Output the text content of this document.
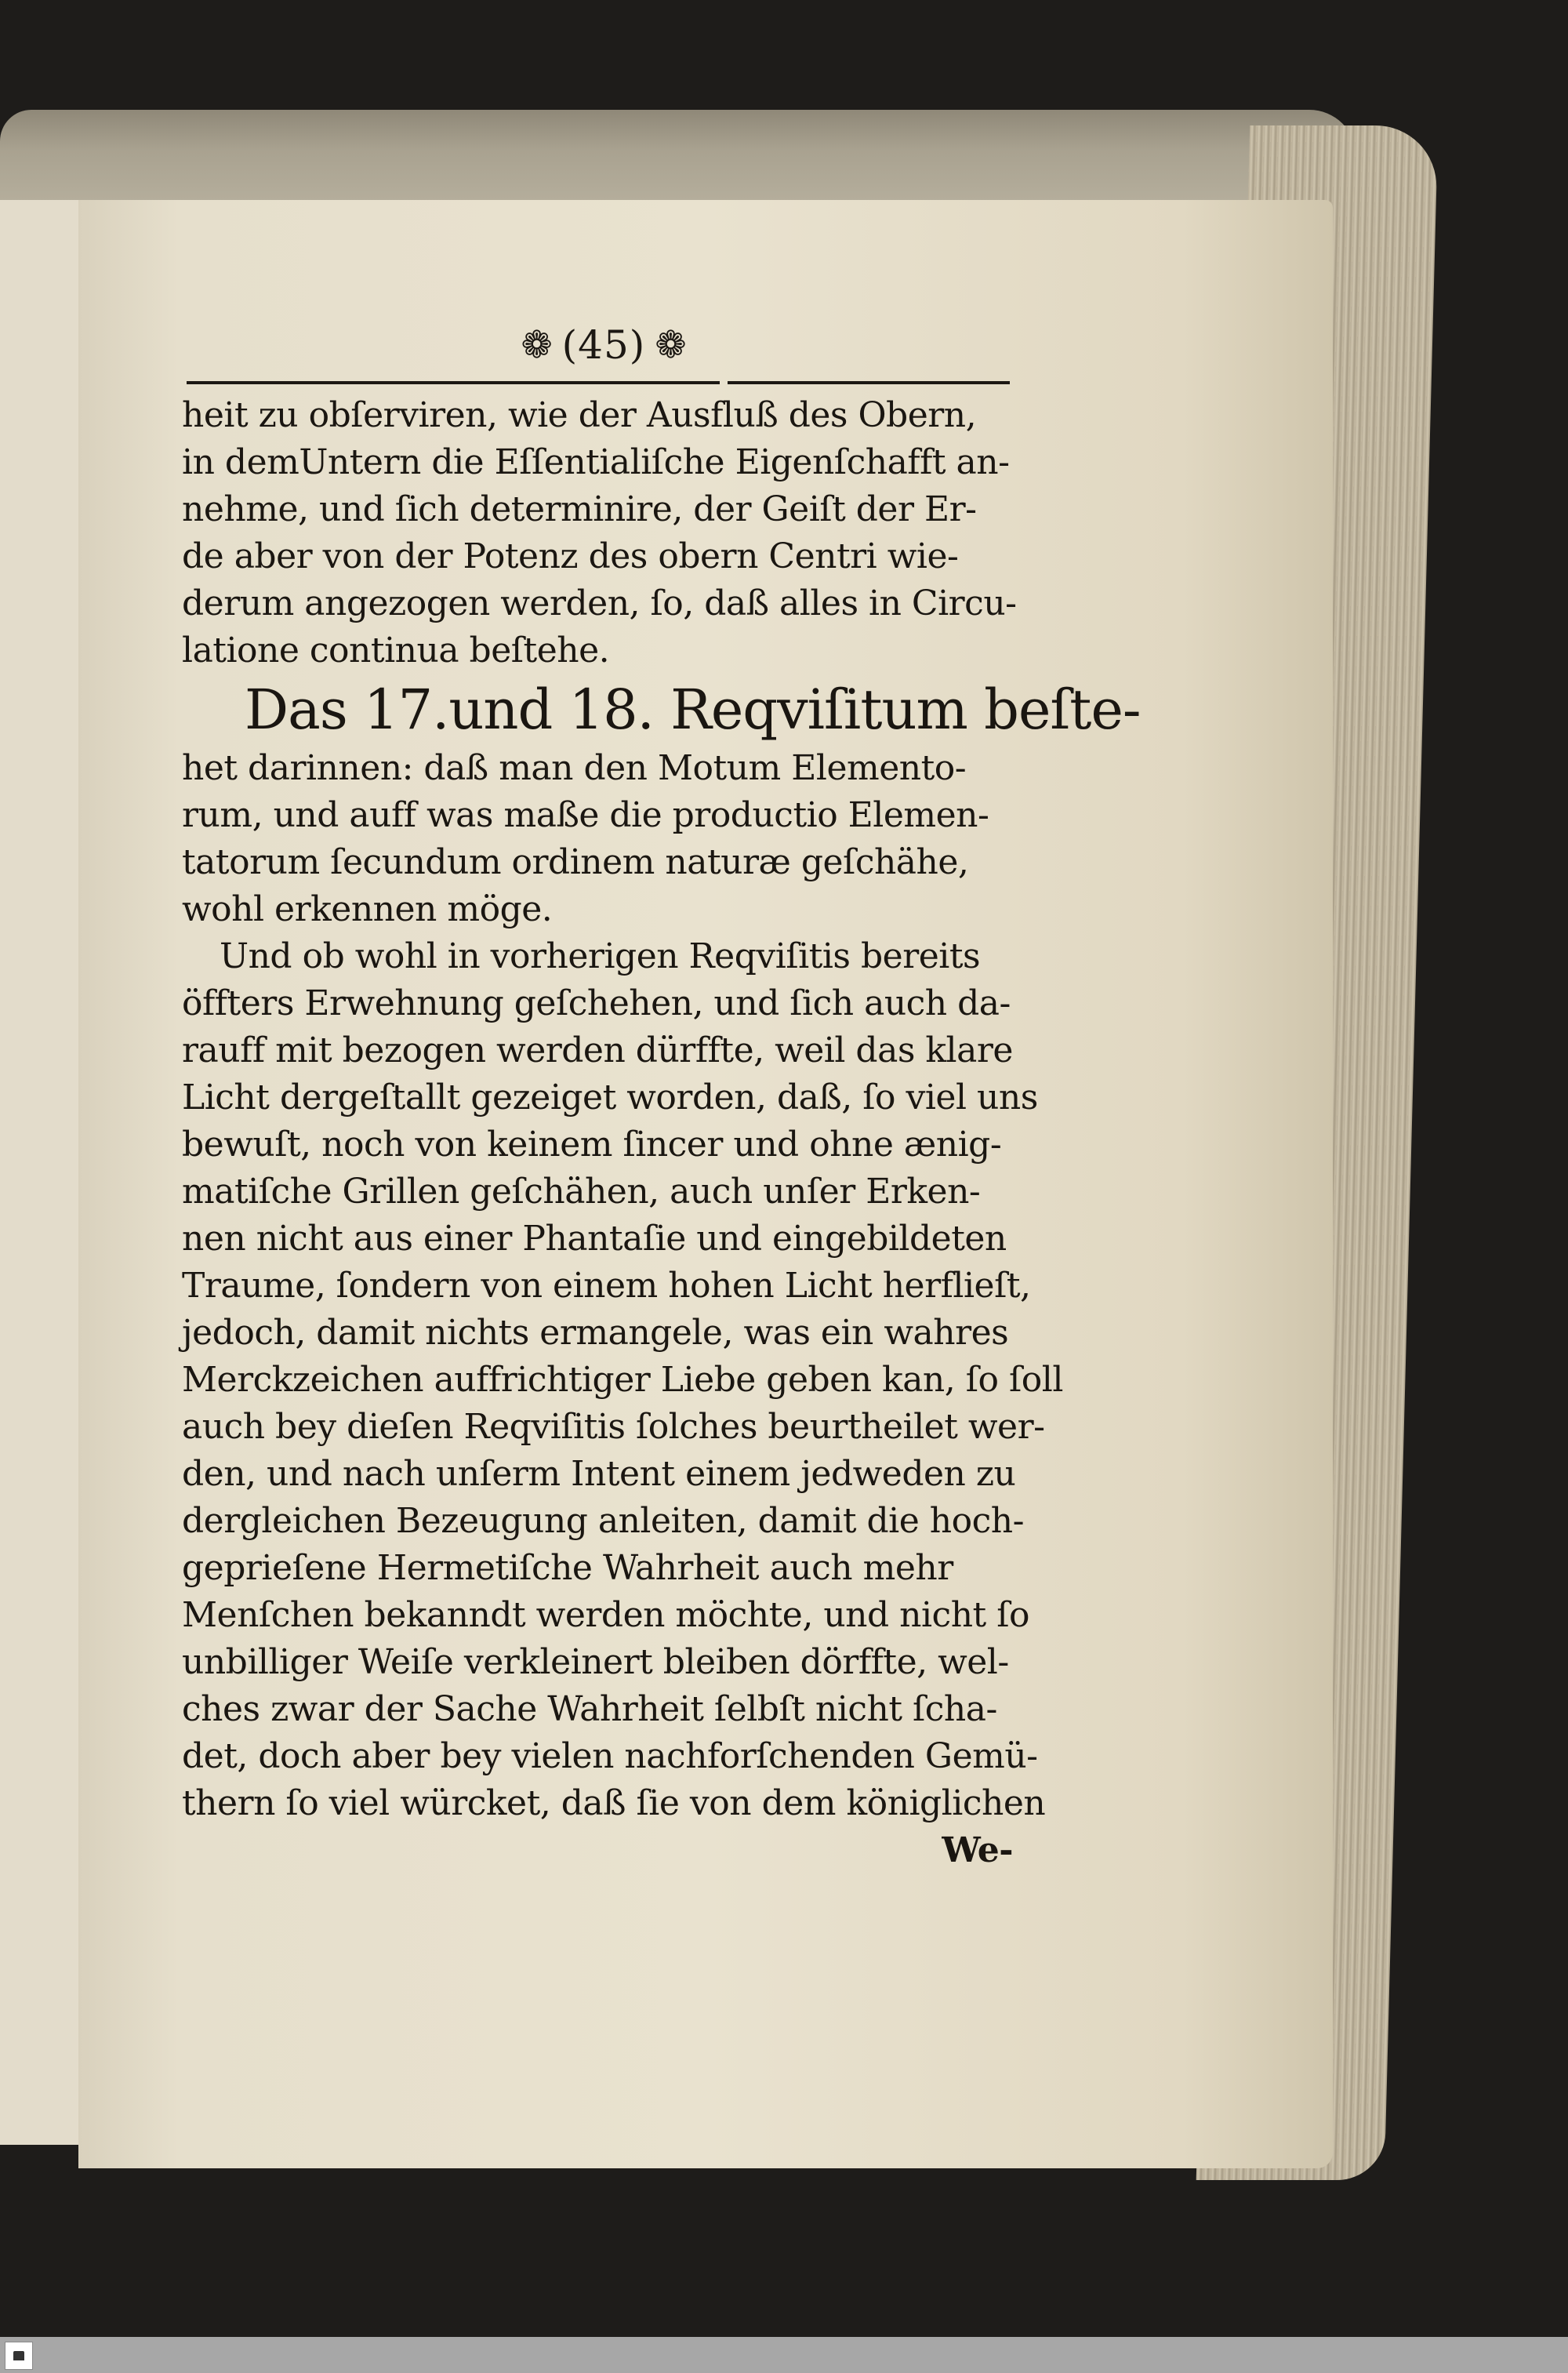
❁ (45) ❁
heit zu obſerviren, wie der Ausfluß des Obern,
in demUntern die Eſſentialiſche Eigenſchafft an-
nehme, und ſich determinire, der Geiſt der Er-
de aber von der Potenz des obern Centri wie-
derum angezogen werden, ſo, daß alles in Circu-
latione continua beſtehe.
Das 17.und 18. Reqviſitum beſte-
het darinnen: daß man den Motum Elemento-
rum, und auff was maße die productio Elemen-
tatorum ſecundum ordinem naturæ geſchähe,
wohl erkennen möge.
Und ob wohl in vorherigen Reqviſitis bereits
öffters Erwehnung geſchehen, und ſich auch da-
rauff mit bezogen werden dürffte, weil das klare
Licht dergeſtallt gezeiget worden, daß, ſo viel uns
bewuſt, noch von keinem ſincer und ohne ænig-
matiſche Grillen geſchähen, auch unſer Erken-
nen nicht aus einer Phantaſie und eingebildeten
Traume, ſondern von einem hohen Licht herflieſt,
jedoch, damit nichts ermangele, was ein wahres
Merckzeichen auffrichtiger Liebe geben kan, ſo ſoll
auch bey dieſen Reqviſitis ſolches beurtheilet wer-
den, und nach unſerm Intent einem jedweden zu
dergleichen Bezeugung anleiten, damit die hoch-
geprieſene Hermetiſche Wahrheit auch mehr
Menſchen bekanndt werden möchte, und nicht ſo
unbilliger Weiſe verkleinert bleiben dörffte, wel-
ches zwar der Sache Wahrheit ſelbſt nicht ſcha-
det, doch aber bey vielen nachforſchenden Gemü-
thern ſo viel würcket, daß ſie von dem königlichen
We-
